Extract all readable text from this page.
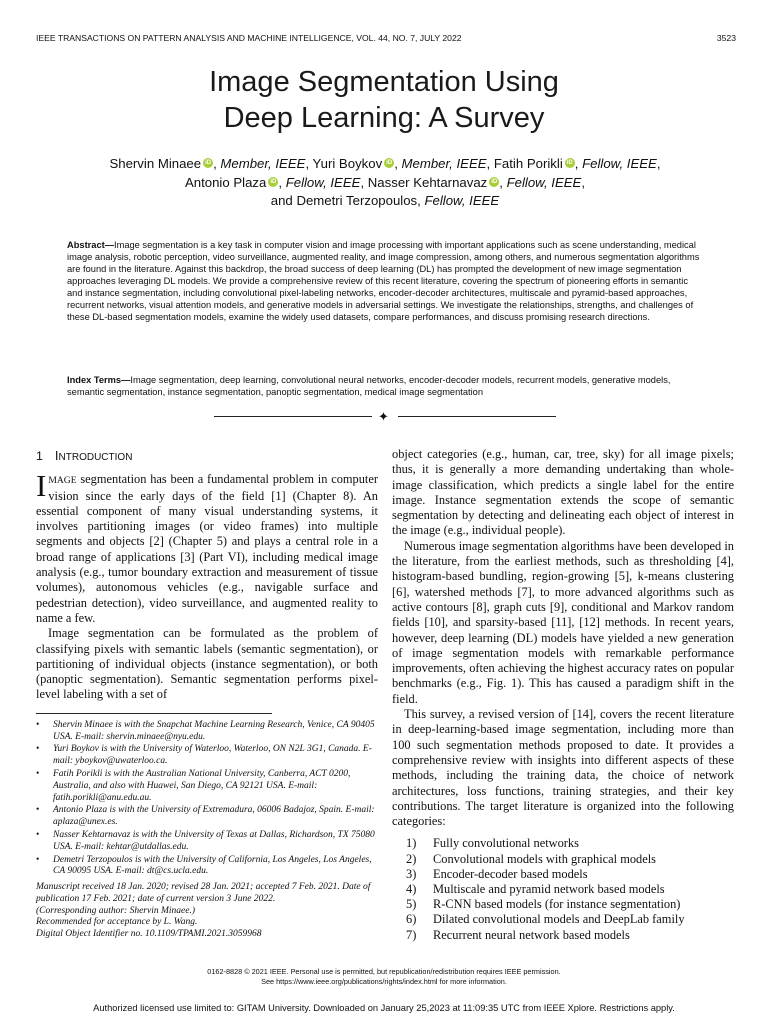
IEEE TRANSACTIONS ON PATTERN ANALYSIS AND MACHINE INTELLIGENCE, VOL. 44, NO. 7, JULY 2022	3523
Image Segmentation Using
Deep Learning: A Survey
Shervin Minaee iD , Member, IEEE, Yuri Boykov iD , Member, IEEE, Fatih Porikli iD , Fellow, IEEE,
Antonio Plaza iD , Fellow, IEEE, Nasser Kehtarnavaz iD , Fellow, IEEE,
and Demetri Terzopoulos, Fellow, IEEE
Abstract—Image segmentation is a key task in computer vision and image processing with important applications such as scene understanding, medical image analysis, robotic perception, video surveillance, augmented reality, and image compression, among others, and numerous segmentation algorithms are found in the literature. Against this backdrop, the broad success of deep learning (DL) has prompted the development of new image segmentation approaches leveraging DL models. We provide a comprehensive review of this recent literature, covering the spectrum of pioneering efforts in semantic and instance segmentation, including convolutional pixel-labeling networks, encoder-decoder architectures, multiscale and pyramid-based approaches, recurrent networks, visual attention models, and generative models in adversarial settings. We investigate the relationships, strengths, and challenges of these DL-based segmentation models, examine the widely used datasets, compare performances, and discuss promising research directions.
Index Terms—Image segmentation, deep learning, convolutional neural networks, encoder-decoder models, recurrent models, generative models, semantic segmentation, instance segmentation, panoptic segmentation, medical image segmentation
✦
1 INTRODUCTION

IMAGE segmentation has been a fundamental problem in computer vision since the early days of the field [1] (Chapter 8). An essential component of many visual understanding systems, it involves partitioning images (or video frames) into multiple segments and objects [2] (Chapter 5) and plays a central role in a broad range of applications [3] (Part VI), including medical image analysis (e.g., tumor boundary extraction and measurement of tissue volumes), autonomous vehicles (e.g., navigable surface and pedestrian detection), video surveillance, and augmented reality to name a few.

Image segmentation can be formulated as the problem of classifying pixels with semantic labels (semantic segmentation), or partitioning of individual objects (instance segmentation), or both (panoptic segmentation). Semantic segmentation performs pixel-level labeling with a set of

• Shervin Minaee is with the Snapchat Machine Learning Research, Venice, CA 90405 USA. E-mail: shervin.minaee@nyu.edu.
• Yuri Boykov is with the University of Waterloo, Waterloo, ON N2L 3G1, Canada. E-mail: yboykov@uwaterloo.ca.
• Fatih Porikli is with the Australian National University, Canberra, ACT 0200, Australia, and also with Huawei, San Diego, CA 92121 USA. E-mail: fatih.porikli@anu.edu.au.
• Antonio Plaza is with the University of Extremadura, 06006 Badajoz, Spain. E-mail: aplaza@unex.es.
• Nasser Kehtarnavaz is with the University of Texas at Dallas, Richardson, TX 75080 USA. E-mail: kehtar@utdallas.edu.
• Demetri Terzopoulos is with the University of California, Los Angeles, Los Angeles, CA 90095 USA. E-mail: dt@cs.ucla.edu.
Manuscript received 18 Jan. 2020; revised 28 Jan. 2021; accepted 7 Feb. 2021. Date of publication 17 Feb. 2021; date of current version 3 June 2022.
(Corresponding author: Shervin Minaee.)
Recommended for acceptance by L. Wang.
Digital Object Identifier no. 10.1109/TPAMI.2021.3059968

object categories (e.g., human, car, tree, sky) for all image pixels; thus, it is generally a more demanding undertaking than whole-image classification, which predicts a single label for the entire image. Instance segmentation extends the scope of semantic segmentation by detecting and delineating each object of interest in the image (e.g., individual people).

Numerous image segmentation algorithms have been developed in the literature, from the earliest methods, such as thresholding [4], histogram-based bundling, region-growing [5], k-means clustering [6], watershed methods [7], to more advanced algorithms such as active contours [8], graph cuts [9], conditional and Markov random fields [10], and sparsity-based [11], [12] methods. In recent years, however, deep learning (DL) models have yielded a new generation of image segmentation models with remarkable performance improvements, often achieving the highest accuracy rates on popular benchmarks (e.g., Fig. 1). This has caused a paradigm shift in the field.

This survey, a revised version of [14], covers the recent literature in deep-learning-based image segmentation, including more than 100 such segmentation methods proposed to date. It provides a comprehensive review with insights into different aspects of these methods, including the training data, the choice of network architectures, loss functions, training strategies, and their key contributions. The target literature is organized into the following categories:

1) Fully convolutional networks
2) Convolutional models with graphical models
3) Encoder-decoder based models
4) Multiscale and pyramid network based models
5) R-CNN based models (for instance segmentation)
6) Dilated convolutional models and DeepLab family
7) Recurrent neural network based models
0162-8828 © 2021 IEEE. Personal use is permitted, but republication/redistribution requires IEEE permission.
See https://www.ieee.org/publications/rights/index.html for more information.
Authorized licensed use limited to: GITAM University. Downloaded on January 25,2023 at 11:09:35 UTC from IEEE Xplore. Restrictions apply.
